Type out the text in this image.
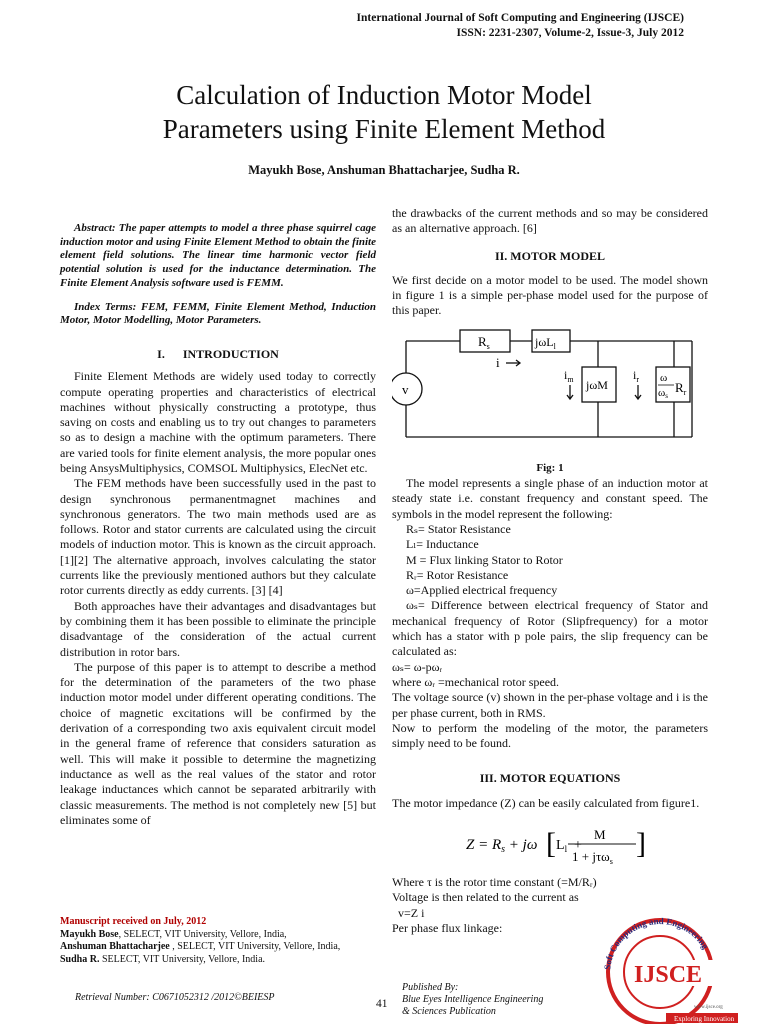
International Journal of Soft Computing and Engineering (IJSCE)
ISSN: 2231-2307, Volume-2, Issue-3, July 2012
Calculation of Induction Motor Model
Parameters using Finite Element Method
Mayukh Bose, Anshuman Bhattacharjee, Sudha R.

Abstract: The paper attempts to model a three phase squirrel cage induction motor and using Finite Element Method to obtain the finite element field solutions. The linear time harmonic vector field potential solution is used for the inductance determination. The Finite Element Analysis software used is FEMM.

Index Terms: FEM, FEMM, Finite Element Method, Induction Motor, Motor Modelling, Motor Parameters.

I. INTRODUCTION

Finite Element Methods are widely used today to correctly compute operating properties and characteristics of electrical machines without physically constructing a prototype, thus saving on costs and enabling us to try out changes to parameters so as to design a machine with the optimum parameters. There are varied tools for finite element analysis, the more popular ones being AnsysMultiphysics, COMSOL Multiphysics, ElecNet etc.

The FEM methods have been successfully used in the past to design synchronous permanentmagnet machines and synchronous generators. The two main methods used are as follows. Rotor and stator currents are calculated using the circuit models of induction motor. This is known as the circuit approach. [1][2] The alternative approach, involves calculating the stator currents like the previously mentioned authors but they calculate rotor currents directly as eddy currents. [3] [4]

Both approaches have their advantages and disadvantages but by combining them it has been possible to eliminate the principle disadvantage of the consideration of the actual current distribution in rotor bars.

The purpose of this paper is to attempt to describe a method for the determination of the parameters of the two phase induction motor model under different operating conditions. The choice of magnetic excitations will be confirmed by the derivation of a corresponding two axis equivalent circuit model in the general frame of reference that considers saturation as well. This will make it possible to determine the magnetizing inductance as well as the real values of the stator and rotor leakage inductances which cannot be separated arbitrarily with classic measurements. The method is not completely new [5] but eliminates some of

the drawbacks of the current methods and so may be considered as an alternative approach. [6]

II. MOTOR MODEL

We first decide on a motor model to be used. The model shown in figure 1 is a simple per-phase model used for the purpose of this paper.

$R_s$	jωL$_l$
v
i
$i_m$ jωM
$i_r$ ω
ωs
$R_r$

Fig: 1

The model represents a single phase of an induction motor at steady state i.e. constant frequency and constant speed. The symbols in the model represent the following:

Rₛ= Stator Resistance

Lₗ= Inductance

M = Flux linking Stator to Rotor

Rᵣ= Rotor Resistance

ω=Applied electrical frequency

ωₛ= Difference between electrical frequency of Stator and mechanical frequency of Rotor (Slipfrequency) for a motor which has a stator with p pole pairs, the slip frequency can be calculated as:

ωₛ= ω-pωᵣ

where ωᵣ =mechanical rotor speed.

The voltage source (v) shown in the per-phase voltage and i is the per phase current, both in RMS.

Now to perform the modeling of the motor, the parameters simply need to be found.

III. MOTOR EQUATIONS

The motor impedance (Z) can be easily calculated from figure1.

$Z = R_s + j\omega$ [ $L_l$ +
M
1 + jτω$_s$
]

Where τ is the rotor time constant (=M/Rᵣ)

Voltage is then related to the current as

v=Z i

Per phase flux linkage:

Manuscript received on July, 2012
Mayukh Bose, SELECT, VIT University, Vellore, India,
Anshuman Bhattacharjee , SELECT, VIT University, Vellore, India,
Sudha R. SELECT, VIT University, Vellore, India.
Retrieval Number: C0671052312 /2012©BEIESP
41
Published By:
Blue Eyes Intelligence Engineering
& Sciences Publication
Soft Computing and Engineering
IJSCE
www.ijsce.org
Exploring Innovation
